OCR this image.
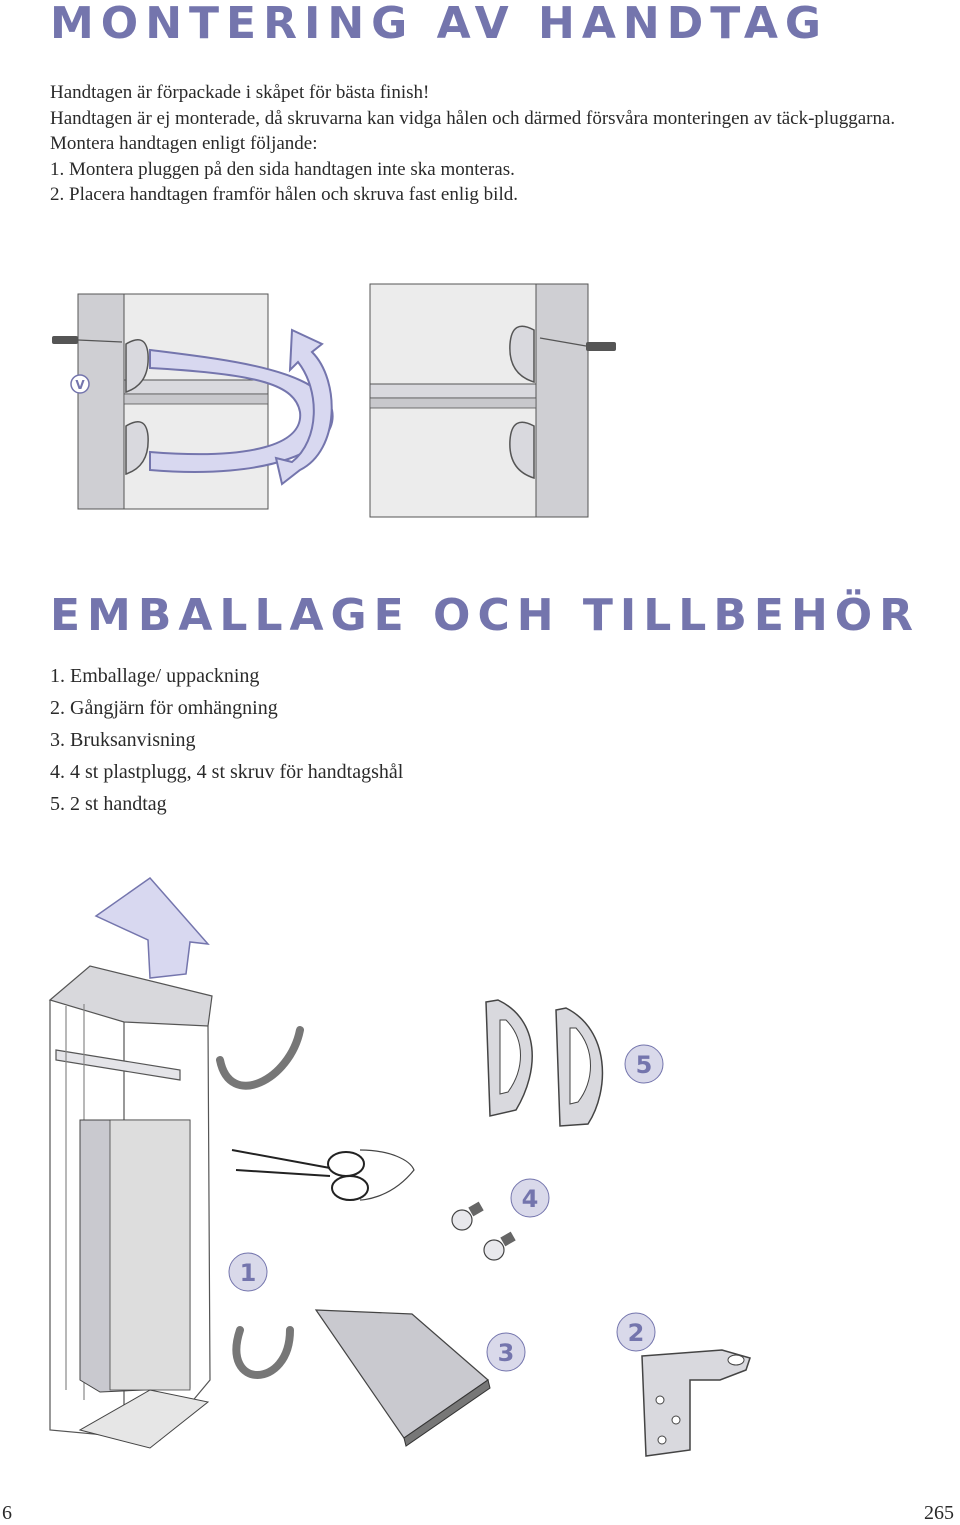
MONTERING AV HANDTAG

Handtagen är förpackade i skåpet för bästa finish!

Handtagen är ej monterade, då skruvarna kan vidga hålen och därmed försvåra monteringen av täck-pluggarna.

Montera handtagen enligt följande:

1. Montera pluggen på den sida handtagen inte ska monteras.

2. Placera handtagen framför hålen och skruva fast enlig bild.

V
EMBALLAGE OCH TILLBEHÖR
1. Emballage/ uppackning
2. Gångjärn för omhängning
3. Bruksanvisning
4. 4 st plastplugg, 4 st skruv för handtagshål
5. 2 st handtag
1
2
3
4
5
6	265
